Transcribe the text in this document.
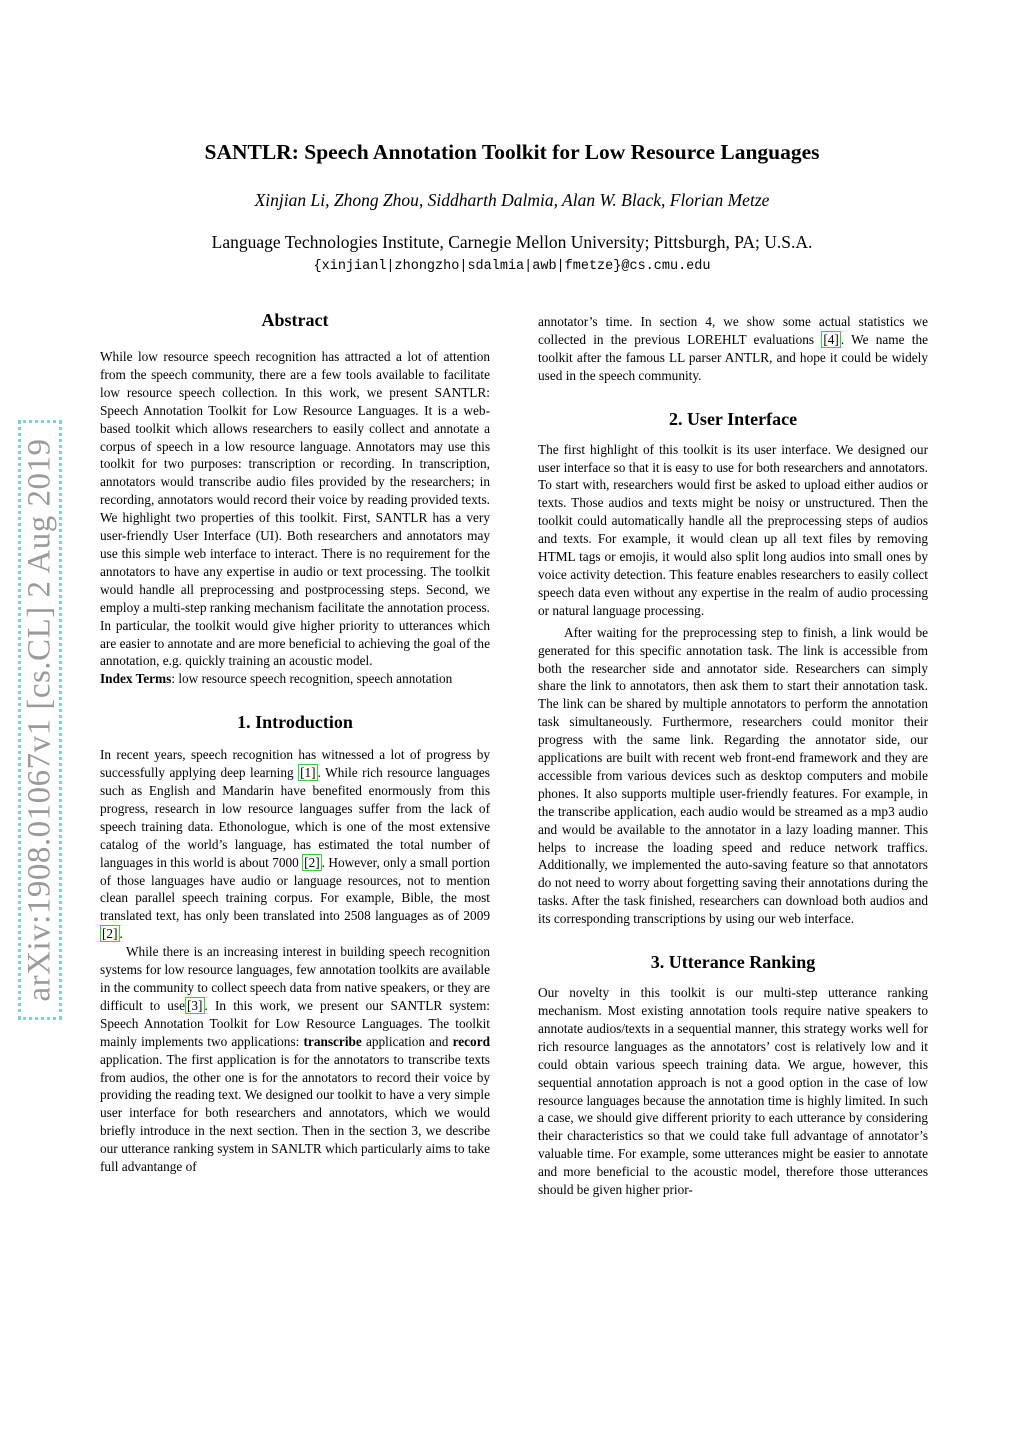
SANTLR: Speech Annotation Toolkit for Low Resource Languages

Xinjian Li, Zhong Zhou, Siddharth Dalmia, Alan W. Black, Florian Metze

Language Technologies Institute, Carnegie Mellon University; Pittsburgh, PA; U.S.A.

{xinjianl|zhongzho|sdalmia|awb|fmetze}@cs.cmu.edu

arXiv:1908.01067v1 [cs.CL] 2 Aug 2019
Abstract

While low resource speech recognition has attracted a lot of attention from the speech community, there are a few tools available to facilitate low resource speech collection. In this work, we present SANTLR: Speech Annotation Toolkit for Low Resource Languages. It is a web-based toolkit which allows researchers to easily collect and annotate a corpus of speech in a low resource language. Annotators may use this toolkit for two purposes: transcription or recording. In transcription, annotators would transcribe audio files provided by the researchers; in recording, annotators would record their voice by reading provided texts. We highlight two properties of this toolkit. First, SANTLR has a very user-friendly User Interface (UI). Both researchers and annotators may use this simple web interface to interact. There is no requirement for the annotators to have any expertise in audio or text processing. The toolkit would handle all preprocessing and postprocessing steps. Second, we employ a multi-step ranking mechanism facilitate the annotation process. In particular, the toolkit would give higher priority to utterances which are easier to annotate and are more beneficial to achieving the goal of the annotation, e.g. quickly training an acoustic model.

Index Terms: low resource speech recognition, speech annotation

1. Introduction

In recent years, speech recognition has witnessed a lot of progress by successfully applying deep learning [1] . While rich resource languages such as English and Mandarin have benefited enormously from this progress, research in low resource languages suffer from the lack of speech training data. Ethonologue, which is one of the most extensive catalog of the world’s language, has estimated the total number of languages in this world is about 7000 [2] . However, only a small portion of those languages have audio or language resources, not to mention clean parallel speech training corpus. For example, Bible, the most translated text, has only been translated into 2508 languages as of 2009 [2] .

While there is an increasing interest in building speech recognition systems for low resource languages, few annotation toolkits are available in the community to collect speech data from native speakers, or they are difficult to use [3] . In this work, we present our SANTLR system: Speech Annotation Toolkit for Low Resource Languages. The toolkit mainly implements two applications: transcribe application and record application. The first application is for the annotators to transcribe texts from audios, the other one is for the annotators to record their voice by providing the reading text. We designed our toolkit to have a very simple user interface for both researchers and annotators, which we would briefly introduce in the next section. Then in the section 3, we describe our utterance ranking system in SANLTR which particularly aims to take full advantange of

annotator’s time. In section 4, we show some actual statistics we collected in the previous LOREHLT evaluations [4] . We name the toolkit after the famous LL parser ANTLR, and hope it could be widely used in the speech community.

2. User Interface

The first highlight of this toolkit is its user interface. We designed our user interface so that it is easy to use for both researchers and annotators. To start with, researchers would first be asked to upload either audios or texts. Those audios and texts might be noisy or unstructured. Then the toolkit could automatically handle all the preprocessing steps of audios and texts. For example, it would clean up all text files by removing HTML tags or emojis, it would also split long audios into small ones by voice activity detection. This feature enables researchers to easily collect speech data even without any expertise in the realm of audio processing or natural language processing.

After waiting for the preprocessing step to finish, a link would be generated for this specific annotation task. The link is accessible from both the researcher side and annotator side. Researchers can simply share the link to annotators, then ask them to start their annotation task. The link can be shared by multiple annotators to perform the annotation task simultaneously. Furthermore, researchers could monitor their progress with the same link. Regarding the annotator side, our applications are built with recent web front-end framework and they are accessible from various devices such as desktop computers and mobile phones. It also supports multiple user-friendly features. For example, in the transcribe application, each audio would be streamed as a mp3 audio and would be available to the annotator in a lazy loading manner. This helps to increase the loading speed and reduce network traffics. Additionally, we implemented the auto-saving feature so that annotators do not need to worry about forgetting saving their annotations during the tasks. After the task finished, researchers can download both audios and its corresponding transcriptions by using our web interface.

3. Utterance Ranking

Our novelty in this toolkit is our multi-step utterance ranking mechanism. Most existing annotation tools require native speakers to annotate audios/texts in a sequential manner, this strategy works well for rich resource languages as the annotators’ cost is relatively low and it could obtain various speech training data. We argue, however, this sequential annotation approach is not a good option in the case of low resource languages because the annotation time is highly limited. In such a case, we should give different priority to each utterance by considering their characteristics so that we could take full advantage of annotator’s valuable time. For example, some utterances might be easier to annotate and more beneficial to the acoustic model, therefore those utterances should be given higher prior-
